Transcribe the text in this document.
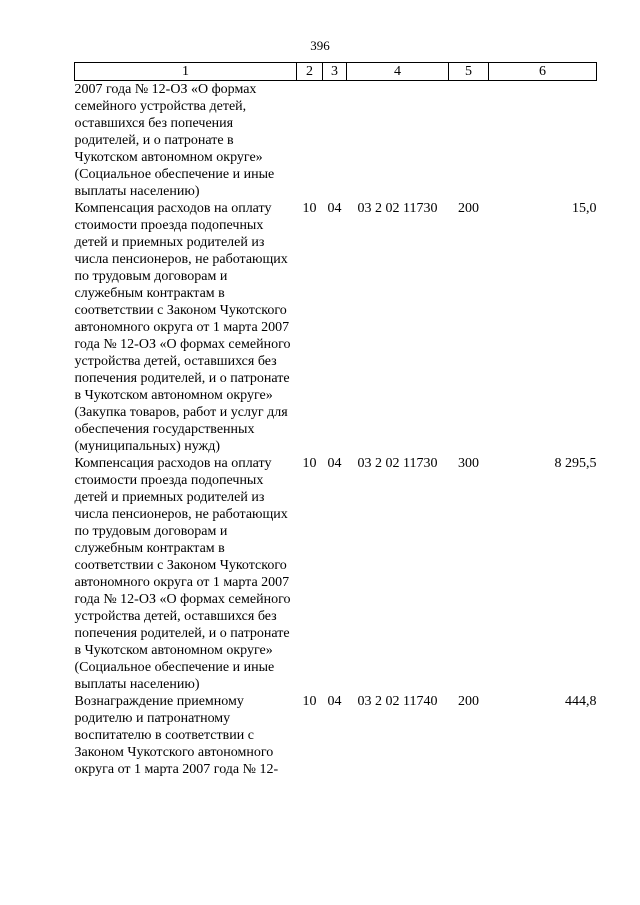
396
1	2	3	4	5	6
2007 года № 12-ОЗ «О формах семейного устройства детей, оставшихся без попечения родителей, и о патронате в Чукотском автономном округе» (Социальное обеспечение и иные выплаты населению)					
Компенсация расходов на оплату стоимости проезда подопечных детей и приемных родителей из числа пенсионеров, не работающих по трудовым договорам и служебным контрактам в соответствии с Законом Чукотского автономного округа от 1 марта 2007 года № 12-ОЗ «О формах семейного устройства детей, оставшихся без попечения родителей, и о патронате в Чукотском автономном округе» (Закупка товаров, работ и услуг для обеспечения государственных (муниципальных) нужд)	10	04	03 2 02 11730	200	15,0
Компенсация расходов на оплату стоимости проезда подопечных детей и приемных родителей из числа пенсионеров, не работающих по трудовым договорам и служебным контрактам в соответствии с Законом Чукотского автономного округа от 1 марта 2007 года № 12-ОЗ «О формах семейного устройства детей, оставшихся без попечения родителей, и о патронате в Чукотском автономном округе» (Социальное обеспечение и иные выплаты населению)	10	04	03 2 02 11730	300	8 295,5
Вознаграждение приемному родителю и патронатному воспитателю в соответствии с Законом Чукотского автономного округа от 1 марта 2007 года № 12-	10	04	03 2 02 11740	200	444,8
